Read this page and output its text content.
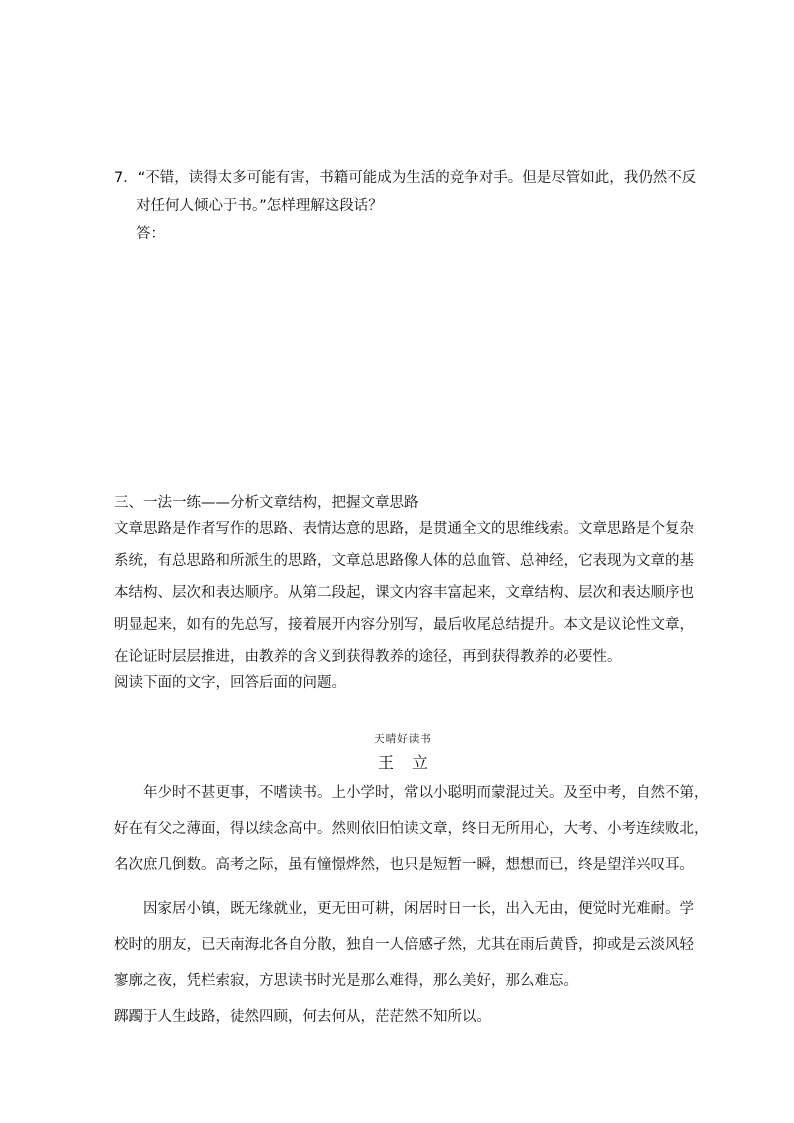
7．“不错，读得太多可能有害，书籍可能成为生活的竞争对手。但是尽管如此，我仍然不反

对任何人倾心于书。”怎样理解这段话？

答：

三、一法一练——分析文章结构，把握文章思路

文章思路是作者写作的思路、表情达意的思路，是贯通全文的思维线索。文章思路是个复杂

系统，有总思路和所派生的思路，文章总思路像人体的总血管、总神经，它表现为文章的基

本结构、层次和表达顺序。从第二段起，课文内容丰富起来，文章结构、层次和表达顺序也

明显起来，如有的先总写，接着展开内容分别写，最后收尾总结提升。本文是议论性文章，

在论证时层层推进，由教养的含义到获得教养的途径，再到获得教养的必要性。

阅读下面的文字，回答后面的问题。

天晴好读书

王立

年少时不甚更事，不嗜读书。上小学时，常以小聪明而蒙混过关。及至中考，自然不第，

好在有父之薄面，得以续念高中。然则依旧怕读文章，终日无所用心，大考、小考连续败北，

名次庶几倒数。高考之际，虽有憧憬烨然，也只是短暂一瞬，想想而已，终是望洋兴叹耳。

因家居小镇，既无缘就业，更无田可耕，闲居时日一长，出入无由，便觉时光难耐。学

校时的朋友，已天南海北各自分散，独自一人倍感孑然，尤其在雨后黄昏，抑或是云淡风轻

寥廓之夜，凭栏索寂，方思读书时光是那么难得，那么美好，那么难忘。

踯躅于人生歧路，徒然四顾，何去何从，茫茫然不知所以。
